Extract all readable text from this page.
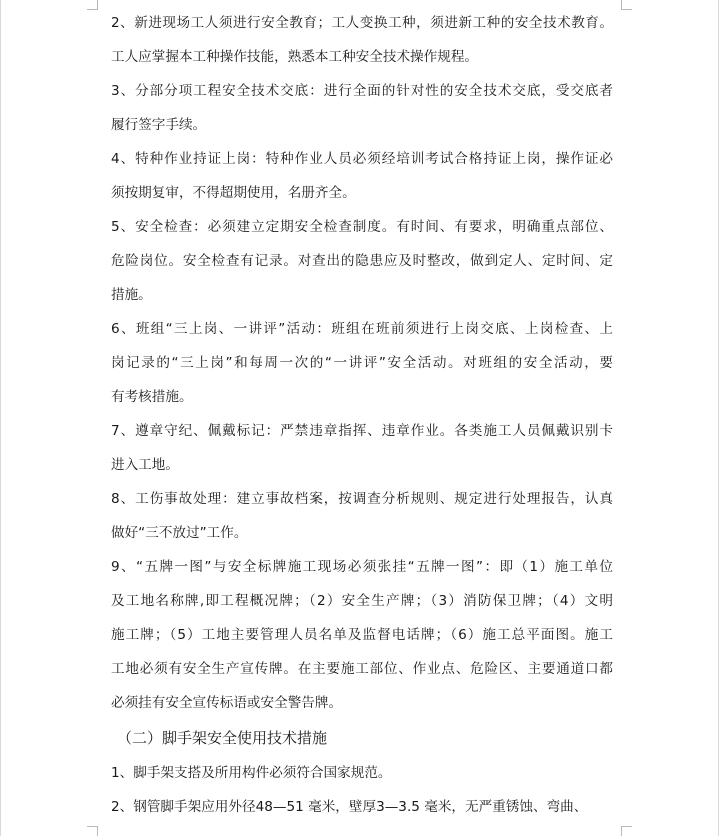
2、新进现场工人须进行安全教育；工人变换工种，须进新工种的安全技术教育。
工人应掌握本工种操作技能，熟悉本工种安全技术操作规程。
3、分部分项工程安全技术交底：进行全面的针对性的安全技术交底，受交底者
履行签字手续。
4、特种作业持证上岗：特种作业人员必须经培训考试合格持证上岗，操作证必
须按期复审，不得超期使用，名册齐全。
5、安全检查：必须建立定期安全检查制度。有时间、有要求，明确重点部位、
危险岗位。安全检查有记录。对查出的隐患应及时整改，做到定人、定时间、定
措施。
6、班组“三上岗、一讲评”活动：班组在班前须进行上岗交底、上岗检查、上
岗记录的“三上岗”和每周一次的“一讲评”安全活动。对班组的安全活动，要
有考核措施。
7、遵章守纪、佩戴标记：严禁违章指挥、违章作业。各类施工人员佩戴识别卡
进入工地。
8、工伤事故处理：建立事故档案，按调查分析规则、规定进行处理报告，认真
做好“三不放过”工作。
9、“五牌一图”与安全标牌施工现场必须张挂“五牌一图”：即（1）施工单位
及工地名称牌,即工程概况牌；（2）安全生产牌；（3）消防保卫牌；（4）文明
施工牌；（5）工地主要管理人员名单及监督电话牌；（6）施工总平面图。施工
工地必须有安全生产宣传牌。在主要施工部位、作业点、危险区、主要通道口都
必须挂有安全宣传标语或安全警告牌。
（二）脚手架安全使用技术措施
1、脚手架支搭及所用构件必须符合国家规范。
2、钢管脚手架应用外径48—51 毫米，壁厚3—3.5 毫米，无严重锈蚀、弯曲、
